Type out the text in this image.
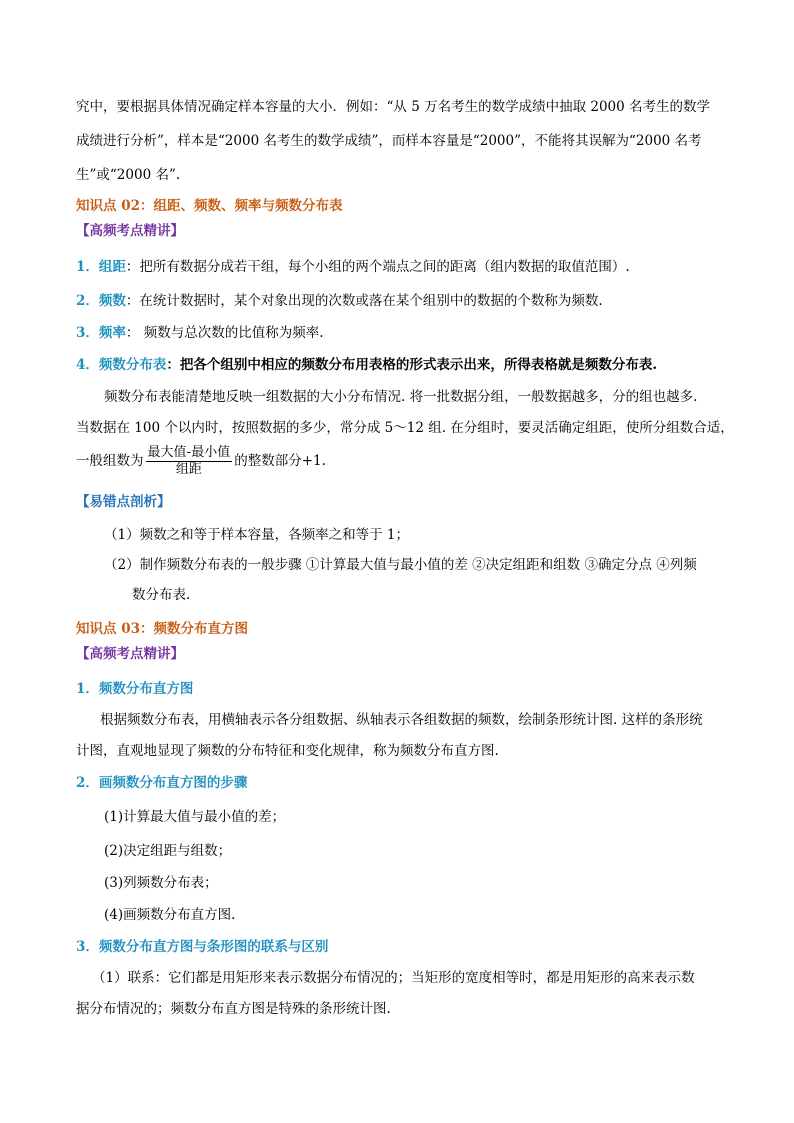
究中，要根据具体情况确定样本容量的大小．例如：“从 5 万名考生的数学成绩中抽取 2000 名考生的数学

成绩进行分析”，样本是“2000 名考生的数学成绩”，而样本容量是“2000”，不能将其误解为“2000 名考

生”或“2000 名”.

知识点 02：组距、频数、频率与频数分布表

【高频考点精讲】

1．组距：把所有数据分成若干组，每个小组的两个端点之间的距离（组内数据的取值范围）.

2．频数：在统计数据时，某个对象出现的次数或落在某个组别中的数据的个数称为频数.

3．频率： 频数与总次数的比值称为频率.

4．频数分布表：把各个组别中相应的频数分布用表格的形式表示出来，所得表格就是频数分布表.

频数分布表能清楚地反映一组数据的大小分布情况. 将一批数据分组，一般数据越多，分的组也越多.

当数据在 100 个以内时，按照数据的多少，常分成 5～12 组. 在分组时，要灵活确定组距，使所分组数合适，

一般组数为 $\frac{\text{最大值-最小值}}{\text{组距}}$ 的整数部分+1.

【易错点剖析】

（1）频数之和等于样本容量，各频率之和等于 1；

（2）制作频数分布表的一般步骤 ①计算最大值与最小值的差 ②决定组距和组数 ③确定分点 ④列频

数分布表.

知识点 03：频数分布直方图

【高频考点精讲】

1．频数分布直方图

根据频数分布表，用横轴表示各分组数据、纵轴表示各组数据的频数，绘制条形统计图. 这样的条形统

计图，直观地显现了频数的分布特征和变化规律，称为频数分布直方图.

2．画频数分布直方图的步骤

(1)计算最大值与最小值的差；

(2)决定组距与组数；

(3)列频数分布表；

(4)画频数分布直方图.

3．频数分布直方图与条形图的联系与区别

（1）联系：它们都是用矩形来表示数据分布情况的；当矩形的宽度相等时，都是用矩形的高来表示数

据分布情况的；频数分布直方图是特殊的条形统计图.
